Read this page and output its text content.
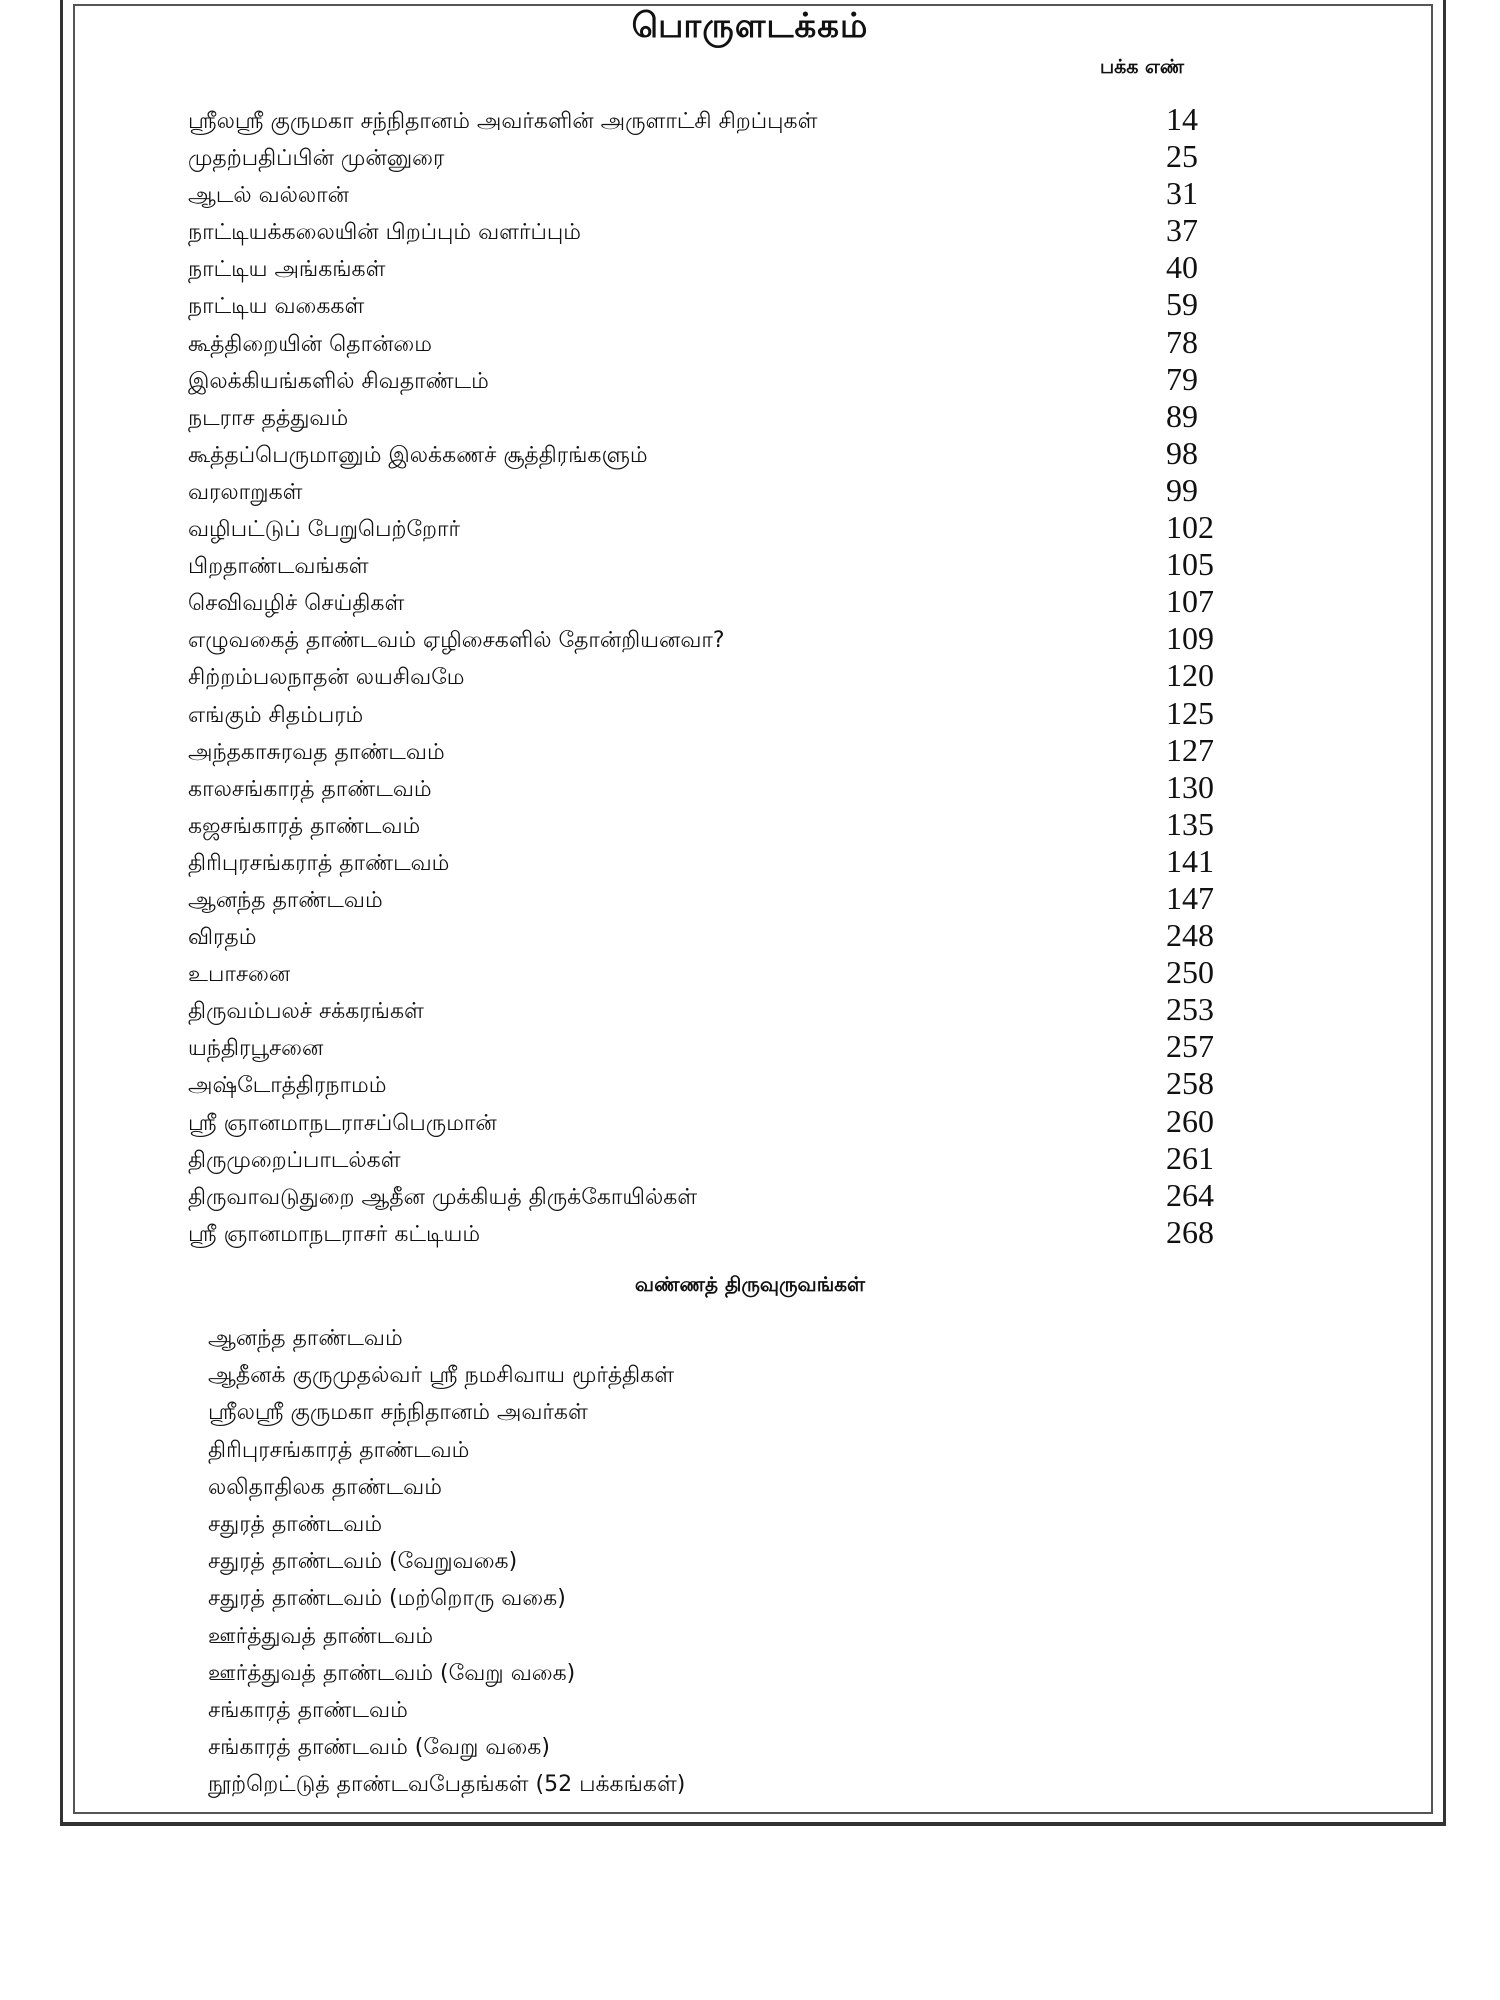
பொருளடக்கம்
பக்க எண்
ஸ்ரீலஸ்ரீ குருமகா சந்நிதானம் அவர்களின் அருளாட்சி சிறப்புகள்	14
முதற்பதிப்பின் முன்னுரை	25
ஆடல் வல்லான்	31
நாட்டியக்கலையின் பிறப்பும் வளர்ப்பும்	37
நாட்டிய அங்கங்கள்	40
நாட்டிய வகைகள்	59
கூத்திறையின் தொன்மை	78
இலக்கியங்களில் சிவதாண்டம்	79
நடராச தத்துவம்	89
கூத்தப்பெருமானும் இலக்கணச் சூத்திரங்களும்	98
வரலாறுகள்	99
வழிபட்டுப் பேறுபெற்றோர்	102
பிறதாண்டவங்கள்	105
செவிவழிச் செய்திகள்	107
எழுவகைத் தாண்டவம் ஏழிசைகளில் தோன்றியனவா?	109
சிற்றம்பலநாதன் லயசிவமே	120
எங்கும் சிதம்பரம்	125
அந்தகாசுரவத தாண்டவம்	127
காலசங்காரத் தாண்டவம்	130
கஜசங்காரத் தாண்டவம்	135
திரிபுரசங்கராத் தாண்டவம்	141
ஆனந்த தாண்டவம்	147
விரதம்	248
உபாசனை	250
திருவம்பலச் சக்கரங்கள்	253
யந்திரபூசனை	257
அஷ்டோத்திரநாமம்	258
ஸ்ரீ ஞானமாநடராசப்பெருமான்	260
திருமுறைப்பாடல்கள்	261
திருவாவடுதுறை ஆதீன முக்கியத் திருக்கோயில்கள்	264
ஸ்ரீ ஞானமாநடராசர் கட்டியம்	268
வண்ணத் திருவுருவங்கள்
ஆனந்த தாண்டவம்
ஆதீனக் குருமுதல்வர் ஸ்ரீ நமசிவாய மூர்த்திகள்
ஸ்ரீலஸ்ரீ குருமகா சந்நிதானம் அவர்கள்
திரிபுரசங்காரத் தாண்டவம்
லலிதாதிலக தாண்டவம்
சதுரத் தாண்டவம்
சதுரத் தாண்டவம் (வேறுவகை)
சதுரத் தாண்டவம் (மற்றொரு வகை)
ஊர்த்துவத் தாண்டவம்
ஊர்த்துவத் தாண்டவம் (வேறு வகை)
சங்காரத் தாண்டவம்
சங்காரத் தாண்டவம் (வேறு வகை)
நூற்றெட்டுத் தாண்டவபேதங்கள் (52 பக்கங்கள்)
